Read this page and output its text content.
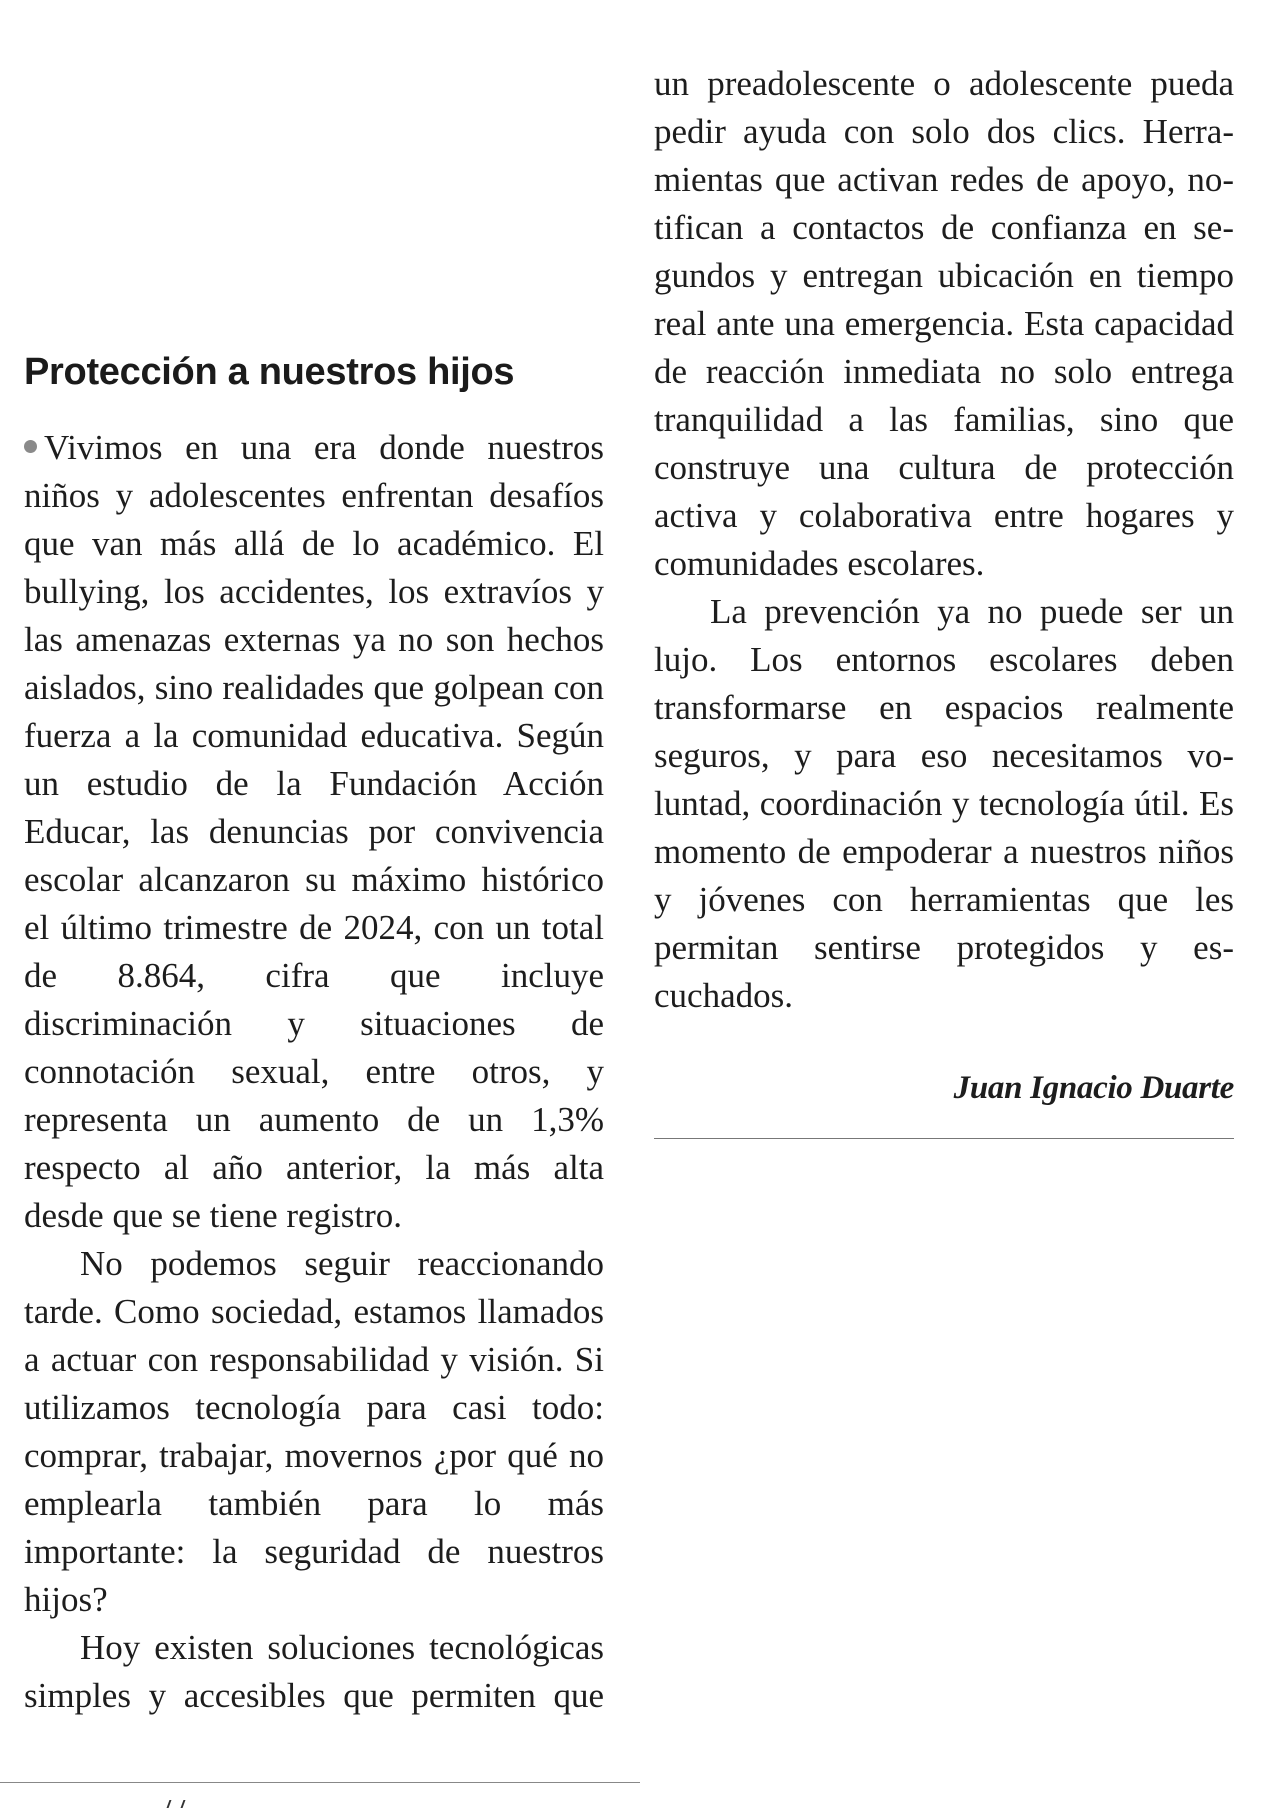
Protección a nuestros hijos

Vivimos en una era donde nuestros niños y adolescentes enfrentan desafíos que van más allá de lo académico. El bullying, los accidentes, los extravíos y las amenazas externas ya no son hechos aislados, sino realidades que golpean con fuerza a la comunidad educativa. Según un estudio de la Fundación Acción Educar, las denuncias por convivencia escolar alcanzaron su máximo histórico el último trimestre de 2024, con un total de 8.864, cifra que incluye discriminación y situaciones de connotación sexual, entre otros, y representa un aumento de un 1,3% respecto al año anterior, la más alta desde que se tiene registro.

No podemos seguir reaccionando tarde. Como sociedad, estamos llamados a actuar con responsabilidad y visión. Si utilizamos tecnología para casi todo: comprar, trabajar, movernos ¿por qué no emplearla también para lo más importante: la seguridad de nuestros hijos?

Hoy existen soluciones tecnológicas simples y accesibles que permiten que

un preadolescente o adolescente pueda pedir ayuda con solo dos clics. Herramientas que activan redes de apoyo, notifican a contactos de confianza en segundos y entregan ubicación en tiempo real ante una emergencia. Esta capacidad de reacción inmediata no solo entrega tranquilidad a las familias, sino que construye una cultura de protección activa y colaborativa entre hogares y comunidades escolares.

La prevención ya no puede ser un lujo. Los entornos escolares deben transformarse en espacios realmente seguros, y para eso necesitamos voluntad, coordinación y tecnología útil. Es momento de empoderar a nuestros niños y jóvenes con herramientas que les permitan sentirse protegidos y escuchados.

Juan Ignacio Duarte
